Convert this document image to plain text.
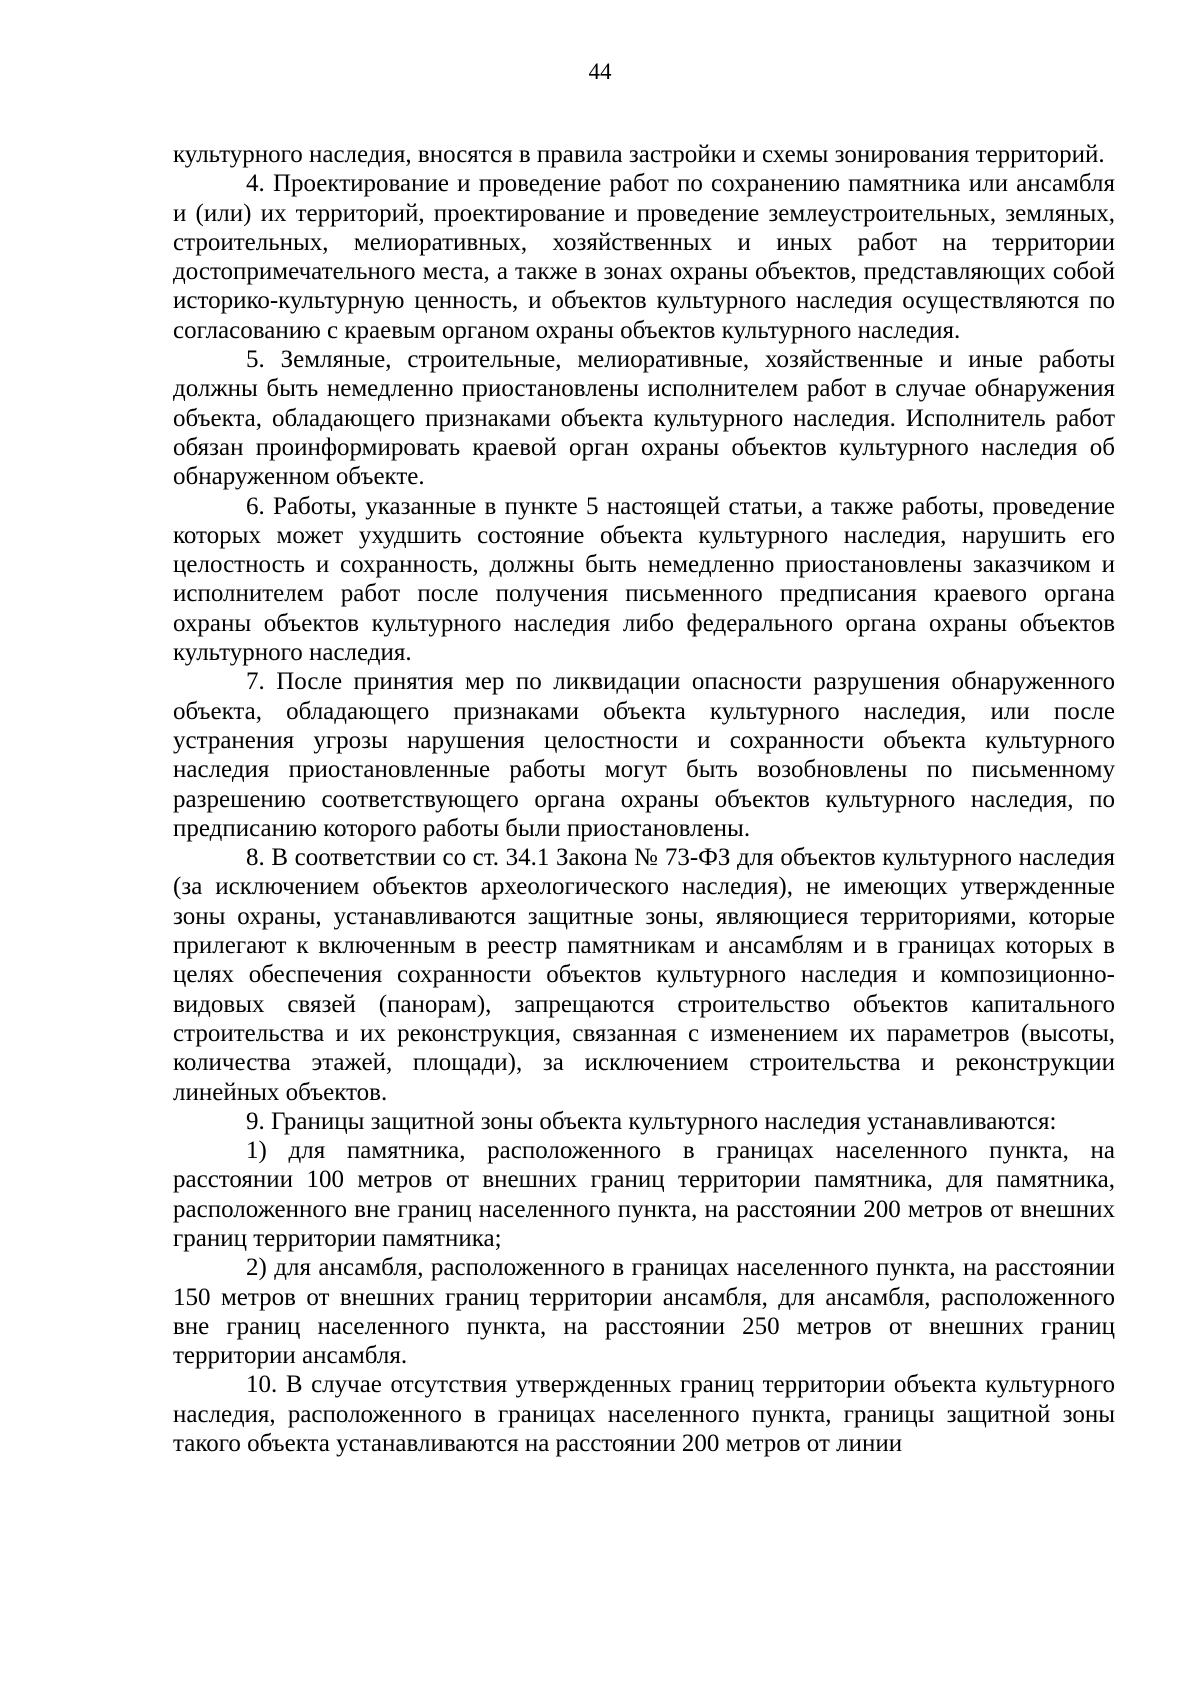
44

культурного наследия, вносятся в правила застройки и схемы зонирования территорий.

4. Проектирование и проведение работ по сохранению памятника или ансамбля и (или) их территорий, проектирование и проведение землеустроительных, земляных, строительных, мелиоративных, хозяйственных и иных работ на территории достопримечательного места, а также в зонах охраны объектов, представляющих собой историко-культурную ценность, и объектов культурного наследия осуществляются по согласованию с краевым органом охраны объектов культурного наследия.

5. Земляные, строительные, мелиоративные, хозяйственные и иные работы должны быть немедленно приостановлены исполнителем работ в случае обнаружения объекта, обладающего признаками объекта культурного наследия. Исполнитель работ обязан проинформировать краевой орган охраны объектов культурного наследия об обнаруженном объекте.

6. Работы, указанные в пункте 5 настоящей статьи, а также работы, проведение которых может ухудшить состояние объекта культурного наследия, нарушить его целостность и сохранность, должны быть немедленно приостановлены заказчиком и исполнителем работ после получения письменного предписания краевого органа охраны объектов культурного наследия либо федерального органа охраны объектов культурного наследия.

7. После принятия мер по ликвидации опасности разрушения обнаруженного объекта, обладающего признаками объекта культурного наследия, или после устранения угрозы нарушения целостности и сохранности объекта культурного наследия приостановленные работы могут быть возобновлены по письменному разрешению соответствующего органа охраны объектов культурного наследия, по предписанию которого работы были приостановлены.

8. В соответствии со ст. 34.1 Закона № 73-ФЗ для объектов культурного наследия (за исключением объектов археологического наследия), не имеющих утвержденные зоны охраны, устанавливаются защитные зоны, являющиеся территориями, которые прилегают к включенным в реестр памятникам и ансамблям и в границах которых в целях обеспечения сохранности объектов культурного наследия и композиционно-видовых связей (панорам), запрещаются строительство объектов капитального строительства и их реконструкция, связанная с изменением их параметров (высоты, количества этажей, площади), за исключением строительства и реконструкции линейных объектов.

9. Границы защитной зоны объекта культурного наследия устанавливаются:

1) для памятника, расположенного в границах населенного пункта, на расстоянии 100 метров от внешних границ территории памятника, для памятника, расположенного вне границ населенного пункта, на расстоянии 200 метров от внешних границ территории памятника;

2) для ансамбля, расположенного в границах населенного пункта, на расстоянии 150 метров от внешних границ территории ансамбля, для ансамбля, расположенного вне границ населенного пункта, на расстоянии 250 метров от внешних границ территории ансамбля.

10. В случае отсутствия утвержденных границ территории объекта культурного наследия, расположенного в границах населенного пункта, границы защитной зоны такого объекта устанавливаются на расстоянии 200 метров от линии
